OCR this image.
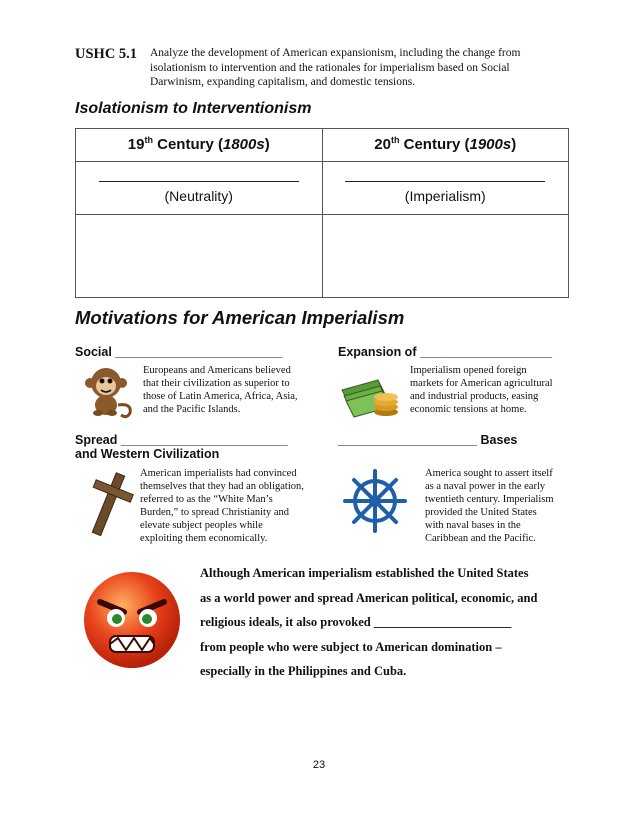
USHC 5.1 Analyze the development of American expansionism, including the change from
isolationism to intervention and the rationales for imperialism based on Social
Darwinism, expanding capitalism, and domestic tensions.
Isolationism to Interventionism
19th Century (1800s)	20th Century (1900s)

(Neutrality)	(Imperialism)

Motivations for American Imperialism
Social ________________________
Europeans and Americans believed
that their civilization as superior to
those of Latin America, Africa, Asia,
and the Pacific Islands.
Expansion of ___________________
Imperialism opened foreign
markets for American agricultural
and industrial products, easing
economic tensions at home.
Spread ________________________
and Western Civilization
American imperialists had convinced
themselves that they had an obligation,
referred to as the “White Man’s
Burden,” to spread Christianity and
elevate subject peoples while
exploiting them economically.
____________________ Bases
America sought to assert itself
as a naval power in the early
twentieth century. Imperialism
provided the United States
with naval bases in the
Caribbean and the Pacific.
Although American imperialism established the United States
as a world power and spread American political, economic, and
religious ideals, it also provoked ______________________
from people who were subject to American domination –
especially in the Philippines and Cuba.
23
